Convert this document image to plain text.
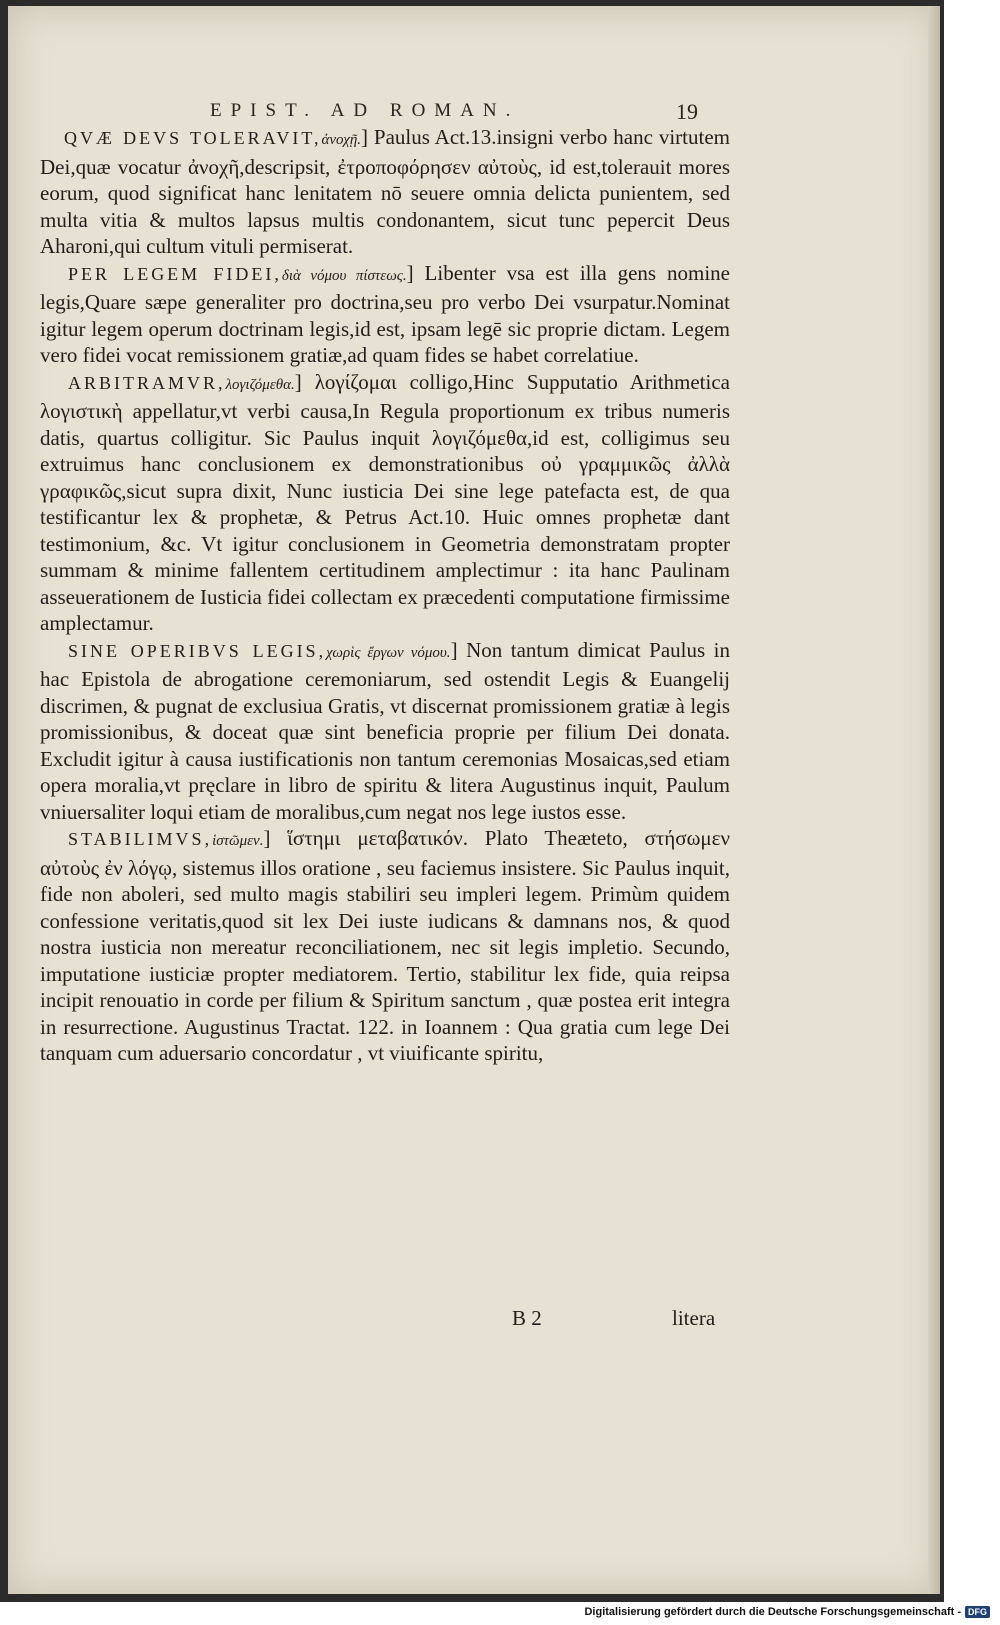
EPIST. AD ROMAN.	19

QVÆ DEVS TOLERAVIT,ἀνοχῇ.] Paulus Act.13.insigni verbo hanc virtutem Dei,quæ vocatur ἀνοχῆ,descripsit, ἐτροποφόρησεν αὐτοὺς, id est,tolerauit mores eorum, quod significat hanc lenitatem nō seuere omnia delicta punientem, sed multa vitia & multos lapsus multis condonantem, sicut tunc pepercit Deus Aharoni,qui cultum vituli permiserat.

PER LEGEM FIDEI,διὰ νόμου πίστεως.] Libenter vsa est illa gens nomine legis,Quare sæpe generaliter pro doctrina,seu pro verbo Dei vsurpatur.Nominat igitur legem operum doctrinam legis,id est, ipsam legē sic proprie dictam. Legem vero fidei vocat remissionem gratiæ,ad quam fides se habet correlatiue.

ARBITRAMVR,λογιζόμεθα.] λογίζομαι colligo,Hinc Supputatio Arithmetica λογιστικὴ appellatur,vt verbi causa,In Regula proportionum ex tribus numeris datis, quartus colligitur. Sic Paulus inquit λογιζόμεθα,id est, colligimus seu extruimus hanc conclusionem ex demonstrationibus οὐ γραμμικῶς ἀλλὰ γραφικῶς,sicut supra dixit, Nunc iusticia Dei sine lege patefacta est, de qua testificantur lex & prophetæ, & Petrus Act.10. Huic omnes prophetæ dant testimonium, &c. Vt igitur conclusionem in Geometria demonstratam propter summam & minime fallentem certitudinem amplectimur : ita hanc Paulinam asseuerationem de Iusticia fidei collectam ex præcedenti computatione firmissime amplectamur.

SINE OPERIBVS LEGIS,χωρὶς ἔργων νόμου.] Non tantum dimicat Paulus in hac Epistola de abrogatione ceremoniarum, sed ostendit Legis & Euangelij discrimen, & pugnat de exclusiua Gratis, vt discernat promissionem gratiæ à legis promissionibus, & doceat quæ sint beneficia proprie per filium Dei donata. Excludit igitur à causa iustificationis non tantum ceremonias Mosaicas,sed etiam opera moralia,vt pręclare in libro de spiritu & litera Augustinus inquit, Paulum vniuersaliter loqui etiam de moralibus,cum negat nos lege iustos esse.

STABILIMVS,ἱστῶμεν.] ἵστημι μεταβατικόν. Plato Theæteto, στήσωμεν αὐτοὺς ἐν λόγῳ, sistemus illos oratione , seu faciemus insistere. Sic Paulus inquit, fide non aboleri, sed multo magis stabiliri seu impleri legem. Primùm quidem confessione veritatis,quod sit lex Dei iuste iudicans & damnans nos, & quod nostra iusticia non mereatur reconciliationem, nec sit legis impletio. Secundo, imputatione iusticiæ propter mediatorem. Tertio, stabilitur lex fide, quia reipsa incipit renouatio in corde per filium & Spiritum sanctum , quæ postea erit integra in resurrectione. Augustinus Tractat. 122. in Ioannem : Qua gratia cum lege Dei tanquam cum aduersario concordatur , vt viuificante spiritu,

B 2	litera
Digitalisierung gefördert durch die Deutsche Forschungsgemeinschaft - DFG
